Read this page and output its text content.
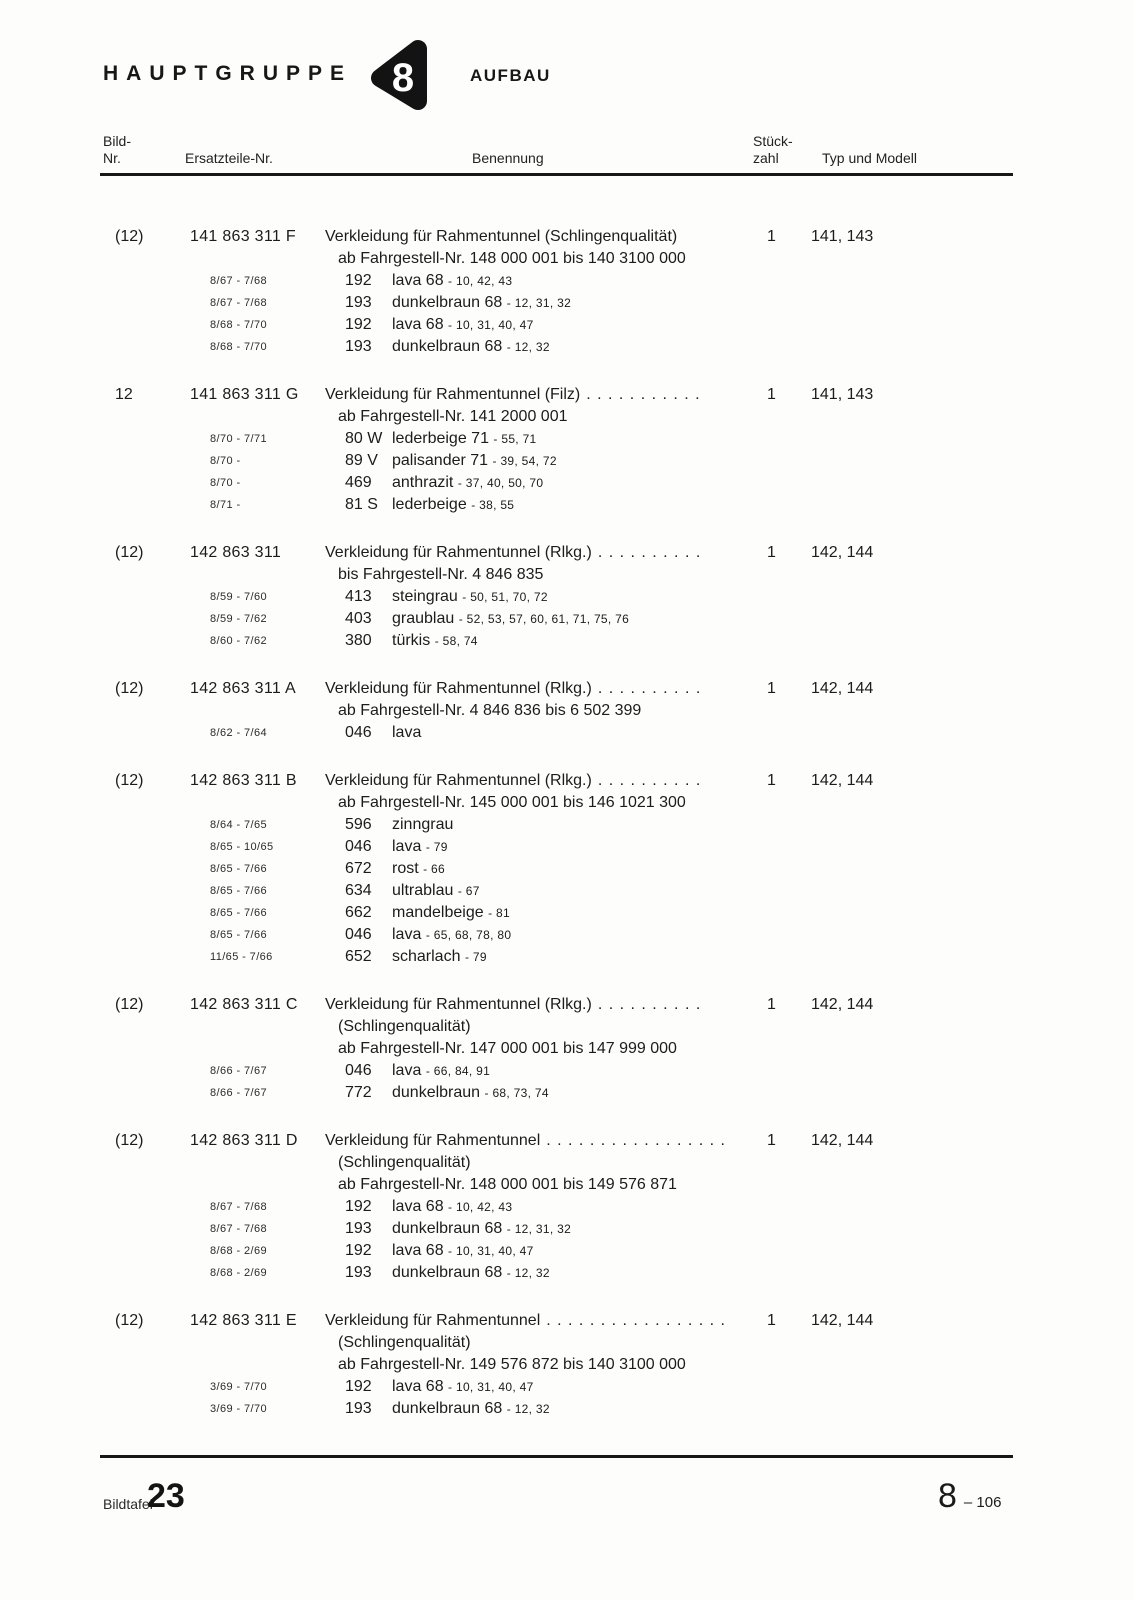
HAUPTGRUPPE 8	AUFBAU
Bild-
Nr.	Ersatzteile-Nr.	Benennung
Stück-
zahl	Typ und Modell
(12)	141 863 311 F	Verkleidung für Rahmentunnel (Schlingenqualität)	1	141, 143
ab Fahrgestell-Nr. 148 000 001 bis 140 3100 000
8/67 - 7/68	192 lava 68 - 10, 42, 43
8/67 - 7/68	193 dunkelbraun 68 - 12, 31, 32
8/68 - 7/70	192 lava 68 - 10, 31, 40, 47
8/68 - 7/70	193 dunkelbraun 68 - 12, 32
12	141 863 311 G	Verkleidung für Rahmentunnel (Filz) . . . . . . . . . . .	1	141, 143
ab Fahrgestell-Nr. 141 2000 001
8/70 - 7/71	80 W lederbeige 71 - 55, 71
8/70 -	89 V palisander 71 - 39, 54, 72
8/70 -	469 anthrazit - 37, 40, 50, 70
8/71 -	81 S lederbeige - 38, 55
(12)	142 863 311	Verkleidung für Rahmentunnel (Rlkg.) . . . . . . . . . .	1	142, 144
bis Fahrgestell-Nr. 4 846 835
8/59 - 7/60	413 steingrau - 50, 51, 70, 72
8/59 - 7/62	403 graublau - 52, 53, 57, 60, 61, 71, 75, 76
8/60 - 7/62	380 türkis - 58, 74
(12)	142 863 311 A	Verkleidung für Rahmentunnel (Rlkg.) . . . . . . . . . .	1	142, 144
ab Fahrgestell-Nr. 4 846 836 bis 6 502 399
8/62 - 7/64	046 lava
(12)	142 863 311 B	Verkleidung für Rahmentunnel (Rlkg.) . . . . . . . . . .	1	142, 144
ab Fahrgestell-Nr. 145 000 001 bis 146 1021 300
8/64 - 7/65	596 zinngrau
8/65 - 10/65	046 lava - 79
8/65 - 7/66	672 rost - 66
8/65 - 7/66	634 ultrablau - 67
8/65 - 7/66	662 mandelbeige - 81
8/65 - 7/66	046 lava - 65, 68, 78, 80
11/65 - 7/66	652 scharlach - 79
(12)	142 863 311 C	Verkleidung für Rahmentunnel (Rlkg.) . . . . . . . . . .	1	142, 144
(Schlingenqualität)
ab Fahrgestell-Nr. 147 000 001 bis 147 999 000
8/66 - 7/67	046 lava - 66, 84, 91
8/66 - 7/67	772 dunkelbraun - 68, 73, 74
(12)	142 863 311 D	Verkleidung für Rahmentunnel . . . . . . . . . . . . . . . . .	1	142, 144
(Schlingenqualität)
ab Fahrgestell-Nr. 148 000 001 bis 149 576 871
8/67 - 7/68	192 lava 68 - 10, 42, 43
8/67 - 7/68	193 dunkelbraun 68 - 12, 31, 32
8/68 - 2/69	192 lava 68 - 10, 31, 40, 47
8/68 - 2/69	193 dunkelbraun 68 - 12, 32
(12)	142 863 311 E	Verkleidung für Rahmentunnel . . . . . . . . . . . . . . . . .	1	142, 144
(Schlingenqualität)
ab Fahrgestell-Nr. 149 576 872 bis 140 3100 000
3/69 - 7/70	192 lava 68 - 10, 31, 40, 47
3/69 - 7/70	193 dunkelbraun 68 - 12, 32
Bildtafel
23	8 – 106
